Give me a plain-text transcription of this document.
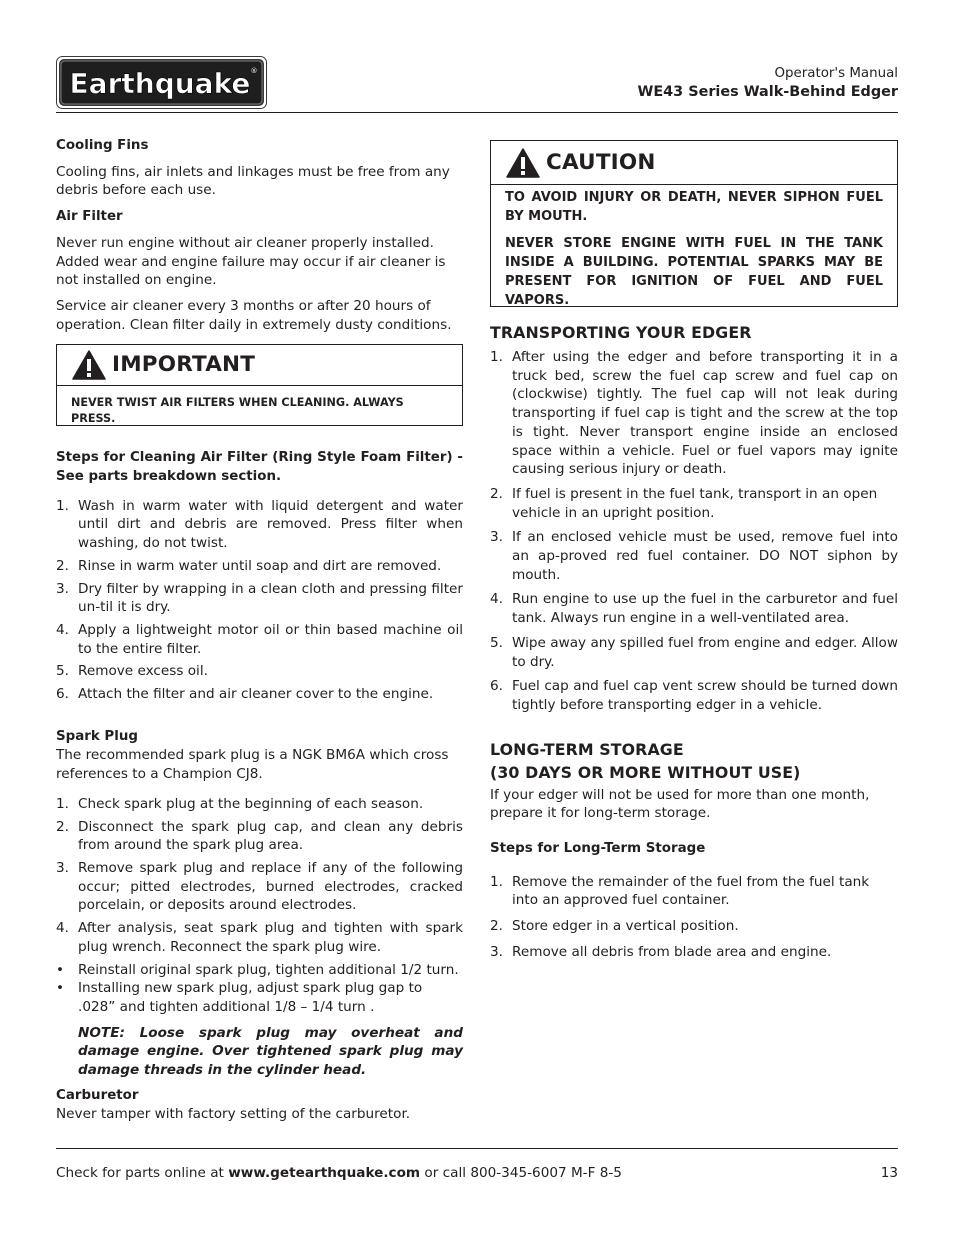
Earthquake ®	Operator's Manual
WE43 Series Walk-Behind Edger

Cooling Fins

Cooling fins, air inlets and linkages must be free from any debris before each use.

Air Filter

Never run engine without air cleaner properly installed. Added wear and engine failure may occur if air cleaner is not installed on engine.

Service air cleaner every 3 months or after 20 hours of operation. Clean filter daily in extremely dusty conditions.

IMPORTANT
NEVER TWIST AIR FILTERS WHEN CLEANING. ALWAYS PRESS.

Steps for Cleaning Air Filter (Ring Style Foam Filter) - See parts breakdown section.

1. Wash in warm water with liquid detergent and water until dirt and debris are removed. Press filter when washing, do not twist.
2. Rinse in warm water until soap and dirt are removed.
3. Dry filter by wrapping in a clean cloth and pressing filter un-til it is dry.
4. Apply a lightweight motor oil or thin based machine oil to the entire filter.
5. Remove excess oil.
6. Attach the filter and air cleaner cover to the engine.

Spark Plug

The recommended spark plug is a NGK BM6A which cross references to a Champion CJ8.

1. Check spark plug at the beginning of each season.
2. Disconnect the spark plug cap, and clean any debris from around the spark plug area.
3. Remove spark plug and replace if any of the following occur; pitted electrodes, burned electrodes, cracked porcelain, or deposits around electrodes.
4. After analysis, seat spark plug and tighten with spark plug wrench. Reconnect the spark plug wire.
•	Reinstall original spark plug, tighten additional 1/2 turn.
•	Installing new spark plug, adjust spark plug gap to .028” and tighten additional 1/8 – 1/4 turn .

NOTE: Loose spark plug may overheat and damage engine. Over tightened spark plug may damage threads in the cylinder head.

Carburetor

Never tamper with factory setting of the carburetor.

CAUTION

TO AVOID INJURY OR DEATH, NEVER SIPHON FUEL BY MOUTH.

NEVER STORE ENGINE WITH FUEL IN THE TANK INSIDE A BUILDING. POTENTIAL SPARKS MAY BE PRESENT FOR IGNITION OF FUEL AND FUEL VAPORS.

TRANSPORTING YOUR EDGER

1. After using the edger and before transporting it in a truck bed, screw the fuel cap screw and fuel cap on (clockwise) tightly. The fuel cap will not leak during transporting if fuel cap is tight and the screw at the top is tight. Never transport engine inside an enclosed space within a vehicle. Fuel or fuel vapors may ignite causing serious injury or death.
2. If fuel is present in the fuel tank, transport in an open vehicle in an upright position.
3. If an enclosed vehicle must be used, remove fuel into an ap-proved red fuel container. DO NOT siphon by mouth.
4. Run engine to use up the fuel in the carburetor and fuel tank. Always run engine in a well-ventilated area.
5. Wipe away any spilled fuel from engine and edger. Allow to dry.
6. Fuel cap and fuel cap vent screw should be turned down tightly before transporting edger in a vehicle.

LONG-TERM STORAGE
(30 DAYS OR MORE WITHOUT USE)

If your edger will not be used for more than one month, prepare it for long-term storage.

Steps for Long-Term Storage

1. Remove the remainder of the fuel from the fuel tank into an approved fuel container.
2. Store edger in a vertical position.
3. Remove all debris from blade area and engine.
Check for parts online at www.getearthquake.com or call 800-345-6007 M-F 8-5	13
